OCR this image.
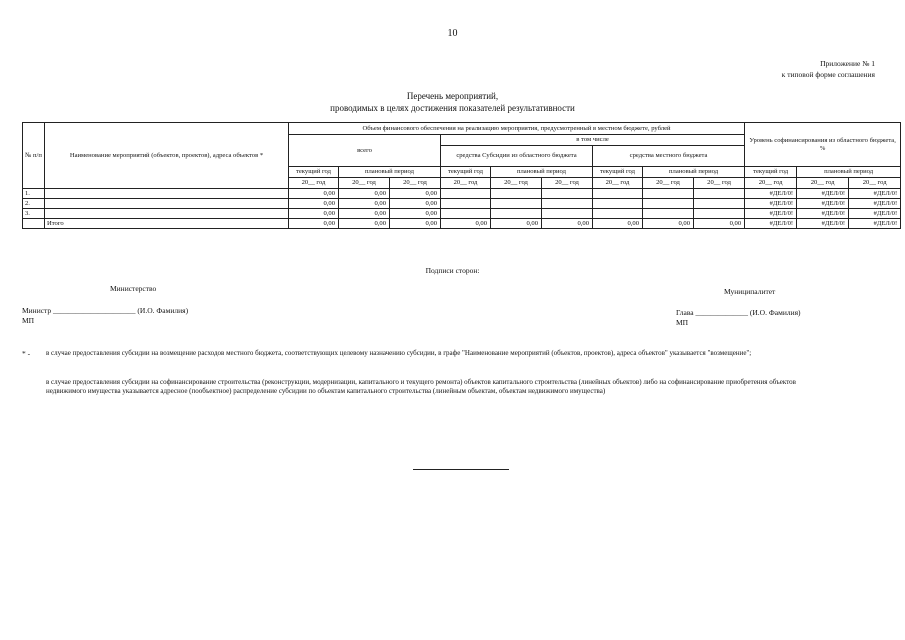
10
Приложение № 1
к типовой форме соглашения
Перечень мероприятий,
проводимых в целях достижения показателей результативности
№ п/п	Наименование мероприятий (объектов, проектов), адреса объектов *	Объем финансового обеспечения на реализацию мероприятия, предусмотренный в местном бюджете, рублей									Уровень софинансирования из областного бюджета, %		
		всего			в том числе								
					средства Субсидии из областного бюджета			средства местного бюджета					
		текущий год	плановый период		текущий год	плановый период		текущий год	плановый период		текущий год	плановый период	
		20__ год	20__ год	20__ год	20__ год	20__ год	20__ год	20__ год	20__ год	20__ год	20__ год	20__ год	20__ год
1.		0,00	0,00	0,00							#ДЕЛ/0!	#ДЕЛ/0!	#ДЕЛ/0!
2.		0,00	0,00	0,00							#ДЕЛ/0!	#ДЕЛ/0!	#ДЕЛ/0!
3.		0,00	0,00	0,00							#ДЕЛ/0!	#ДЕЛ/0!	#ДЕЛ/0!
	Итого	0,00	0,00	0,00	0,00	0,00	0,00	0,00	0,00	0,00	#ДЕЛ/0!	#ДЕЛ/0!	#ДЕЛ/0!
Подписи сторон:
Министерство	Муниципалитет
Министр ______________________ (И.О. Фамилия)
МП
Глава ______________ (И.О. Фамилия)
МП
* - в случае предоставления субсидии на возмещение расходов местного бюджета, соответствующих целевому назначению субсидии, в графе "Наименование мероприятий (объектов, проектов), адреса объектов" указывается "возмещение";
в случае предоставления субсидии на софинансирование строительства (реконструкции, модернизации, капитального и текущего ремонта) объектов капитального строительства (линейных объектов) либо на софинансирование приобретения объектов недвижимого имущества указывается адресное (пообъектное) распределение субсидии по объектам капитального строительства (линейным объектам, объектам недвижимого имущества)
